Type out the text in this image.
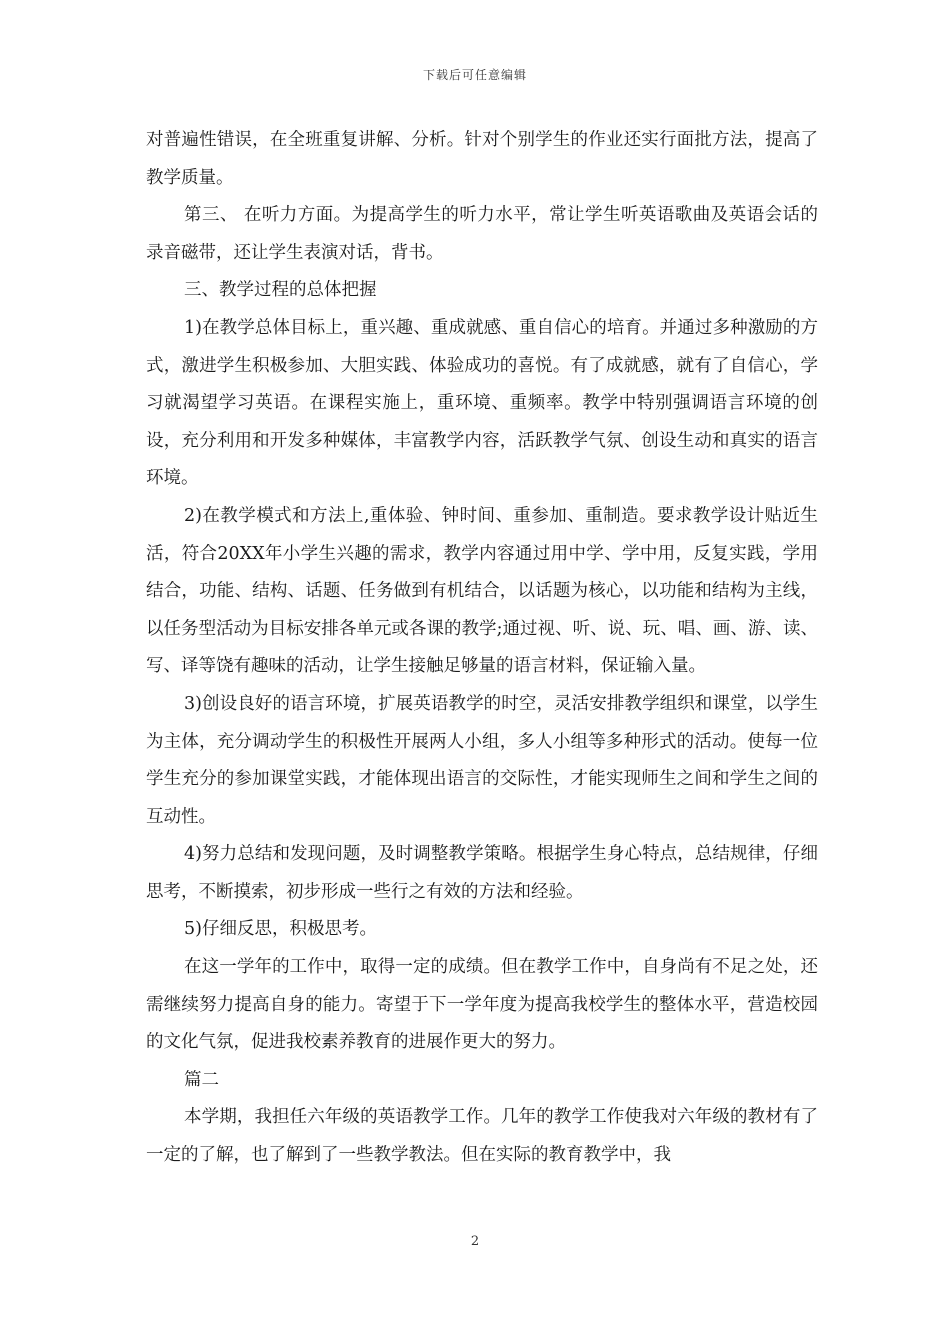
下载后可任意编辑

对普遍性错误，在全班重复讲解、分析。针对个别学生的作业还实行面批方法，提高了教学质量。

第三、 在听力方面。为提高学生的听力水平，常让学生听英语歌曲及英语会话的录音磁带，还让学生表演对话，背书。

三、教学过程的总体把握

1)在教学总体目标上，重兴趣、重成就感、重自信心的培育。并通过多种激励的方式，激进学生积极参加、大胆实践、体验成功的喜悦。有了成就感，就有了自信心，学习就渴望学习英语。在课程实施上，重环境、重频率。教学中特别强调语言环境的创设，充分利用和开发多种媒体，丰富教学内容，活跃教学气氛、创设生动和真实的语言环境。

2)在教学模式和方法上,重体验、钟时间、重参加、重制造。要求教学设计贴近生活，符合20XX年小学生兴趣的需求，教学内容通过用中学、学中用，反复实践，学用结合，功能、结构、话题、任务做到有机结合，以话题为核心，以功能和结构为主线，以任务型活动为目标安排各单元或各课的教学;通过视、听、说、玩、唱、画、游、读、写、译等饶有趣味的活动，让学生接触足够量的语言材料，保证输入量。

3)创设良好的语言环境，扩展英语教学的时空，灵活安排教学组织和课堂，以学生为主体，充分调动学生的积极性开展两人小组，多人小组等多种形式的活动。使每一位学生充分的参加课堂实践，才能体现出语言的交际性，才能实现师生之间和学生之间的互动性。

4)努力总结和发现问题，及时调整教学策略。根据学生身心特点，总结规律，仔细思考，不断摸索，初步形成一些行之有效的方法和经验。

5)仔细反思，积极思考。

在这一学年的工作中，取得一定的成绩。但在教学工作中，自身尚有不足之处，还需继续努力提高自身的能力。寄望于下一学年度为提高我校学生的整体水平，营造校园的文化气氛，促进我校素养教育的进展作更大的努力。

篇二

本学期，我担任六年级的英语教学工作。几年的教学工作使我对六年级的教材有了一定的了解，也了解到了一些教学教法。但在实际的教育教学中，我

2
